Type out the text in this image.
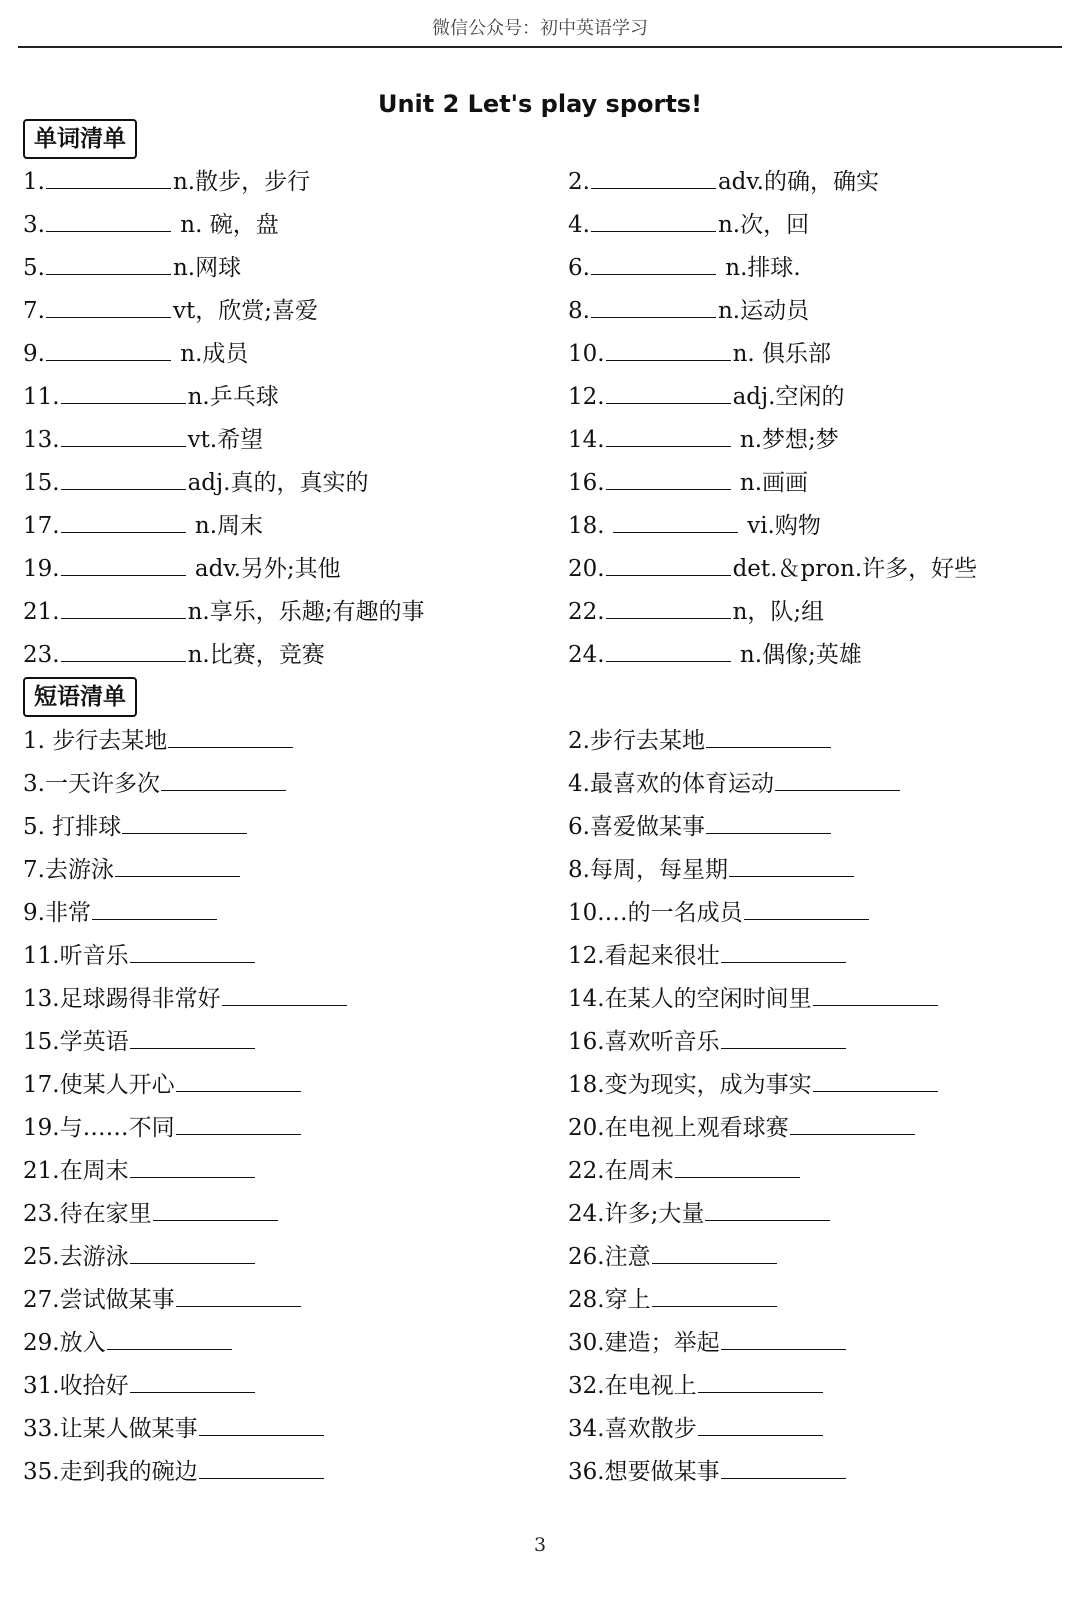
微信公众号：初中英语学习
Unit 2 Let's play sports!
单词清单
1.	n.散步，步行	2.	adv.的确，确实
3.	n. 碗，盘	4.	n.次，回
5.	n.网球	6.	n.排球.
7.	vt，欣赏;喜爱	8.	n.运动员
9.	n.成员	10.	n. 俱乐部
11.	n.乒乓球	12.	adj.空闲的
13.	vt.希望	14.	n.梦想;梦
15.	adj.真的，真实的	16.	n.画画
17.	n.周末	18.	vi.购物
19.	adv.另外;其他	20.	det.＆pron.许多，好些
21.	n.享乐，乐趣;有趣的事	22.	n，队;组
23.	n.比赛，竞赛	24.	n.偶像;英雄
短语清单
1. 步行去某地	2.步行去某地
3.一天许多次	4.最喜欢的体育运动
5. 打排球	6.喜爱做某事
7.去游泳	8.每周，每星期
9.非常	10.…的一名成员
11.听音乐	12.看起来很壮
13.足球踢得非常好	14.在某人的空闲时间里
15.学英语	16.喜欢听音乐
17.使某人开心	18.变为现实，成为事实
19.与……不同	20.在电视上观看球赛
21.在周末	22.在周末
23.待在家里	24.许多;大量
25.去游泳	26.注意
27.尝试做某事	28.穿上
29.放入	30.建造；举起
31.收拾好	32.在电视上
33.让某人做某事	34.喜欢散步
35.走到我的碗边	36.想要做某事
3
